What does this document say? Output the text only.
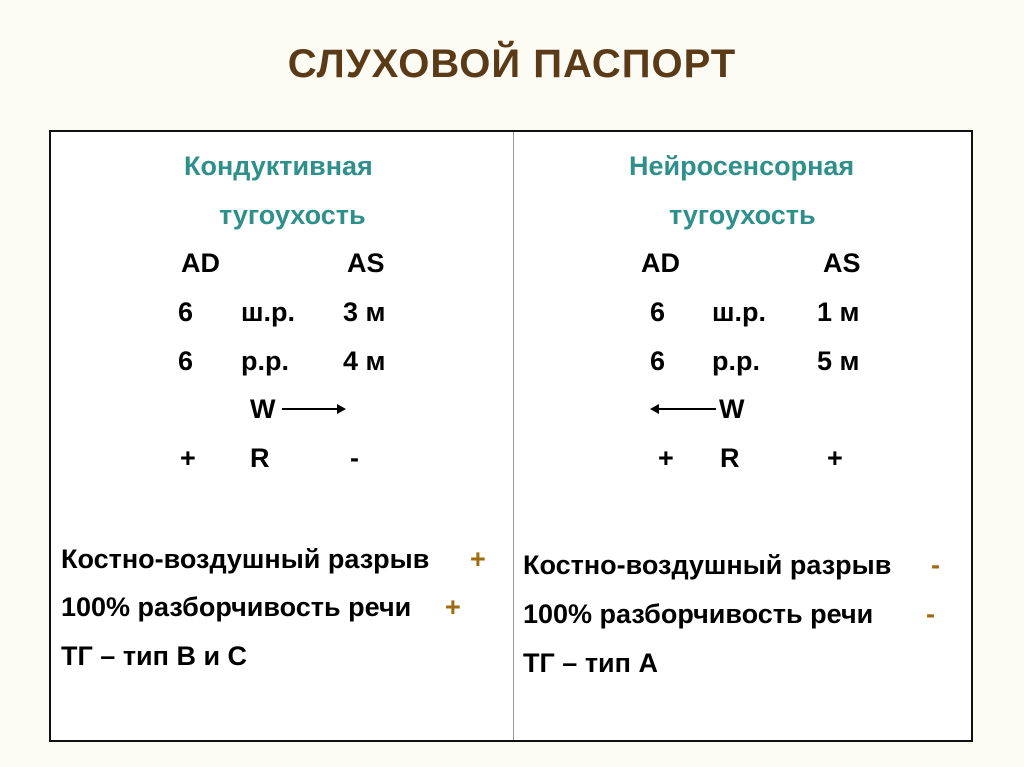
СЛУХОВОЙ ПАСПОРТ
Кондуктивная
тугоухость
AD	AS
6 ш.р. 3 м
6 р.р. 4 м
W
+ R	-
Костно-воздушный разрыв +
100% разборчивость речи +
ТГ – тип В и С
Нейросенсорная
тугоухость
AD	AS
6 ш.р. 1 м
6 р.р. 5 м
W
+ R	+
Костно-воздушный разрыв -
100% разборчивость речи -
ТГ – тип А
